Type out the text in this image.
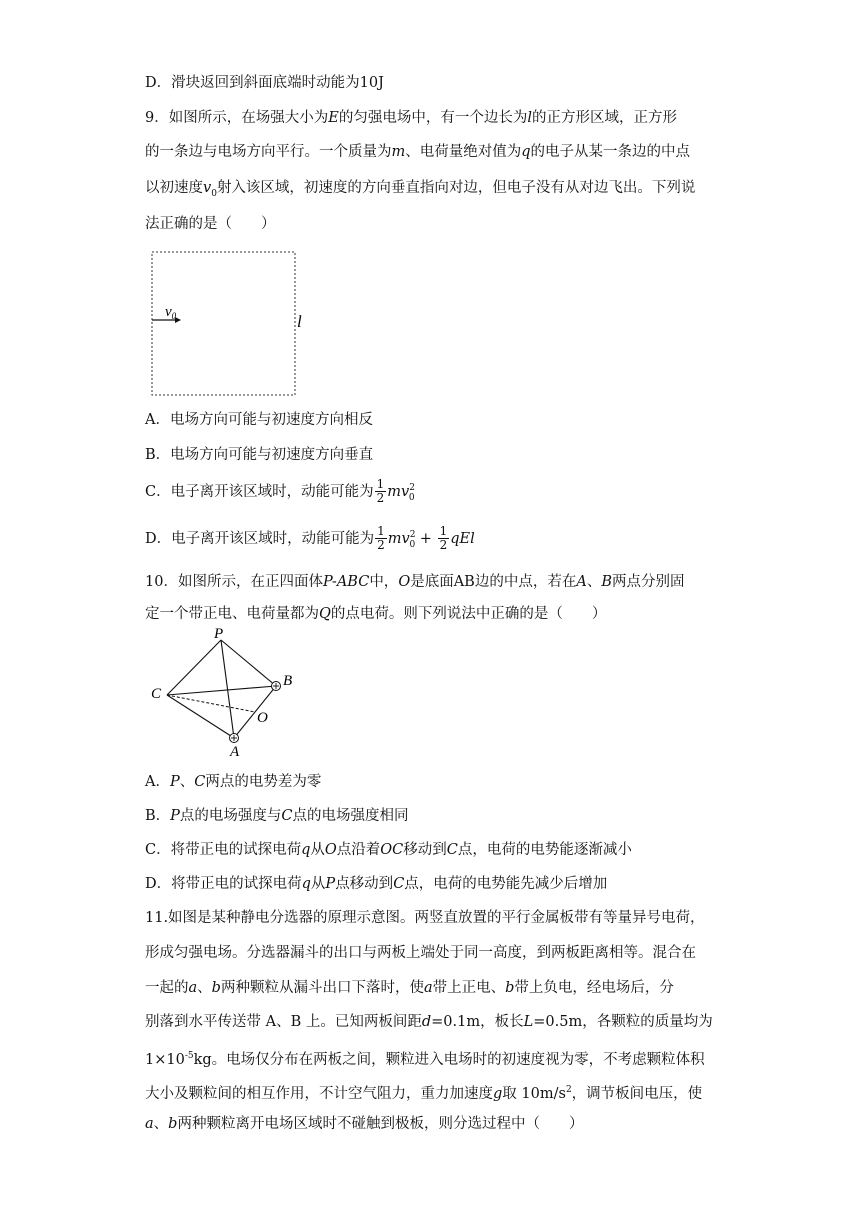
D．滑块返回到斜面底端时动能为10J
9．如图所示，在场强大小为E的匀强电场中，有一个边长为l的正方形区域，正方形
的一条边与电场方向平行。一个质量为m、电荷量绝对值为q的电子从某一条边的中点
以初速度$v_0$射入该区域，初速度的方向垂直指向对边，但电子没有从对边飞出。下列说
法正确的是（　　）
$v_0$	l
A．电场方向可能与初速度方向相反
B．电场方向可能与初速度方向垂直
C．电子离开该区域时，动能可能为 $\frac{1}{2} mv^2_0$
D．电子离开该区域时，动能可能为 $\frac{1}{2} mv^2_0 + \frac{1}{2}$ qEl
10．如图所示，在正四面体P-ABC中，O是底面AB边的中点，若在A、B两点分别固
定一个带正电、电荷量都为Q的点电荷。则下列说法中正确的是（　　）
P
B
C
O
A
A．P、C两点的电势差为零
B．P点的电场强度与C点的电场强度相同
C．将带正电的试探电荷q从O点沿着OC移动到C点，电荷的电势能逐渐减小
D．将带正电的试探电荷q从P点移动到C点，电荷的电势能先减少后增加
11.如图是某种静电分选器的原理示意图。两竖直放置的平行金属板带有等量异号电荷，
形成匀强电场。分选器漏斗的出口与两板上端处于同一高度，到两板距离相等。混合在
一起的a、b两种颗粒从漏斗出口下落时，使a带上正电、b带上负电，经电场后，分
别落到水平传送带 A、B 上。已知两板间距d=0.1m，板长L=0.5m，各颗粒的质量均为
$1\times 10^{-5}kg$。电场仅分布在两板之间，颗粒进入电场时的初速度视为零，不考虑颗粒体积
大小及颗粒间的相互作用，不计空气阻力，重力加速度g取 $10m/s^2$，调节板间电压，使
a、b两种颗粒离开电场区域时不碰触到极板，则分选过程中（　　）
